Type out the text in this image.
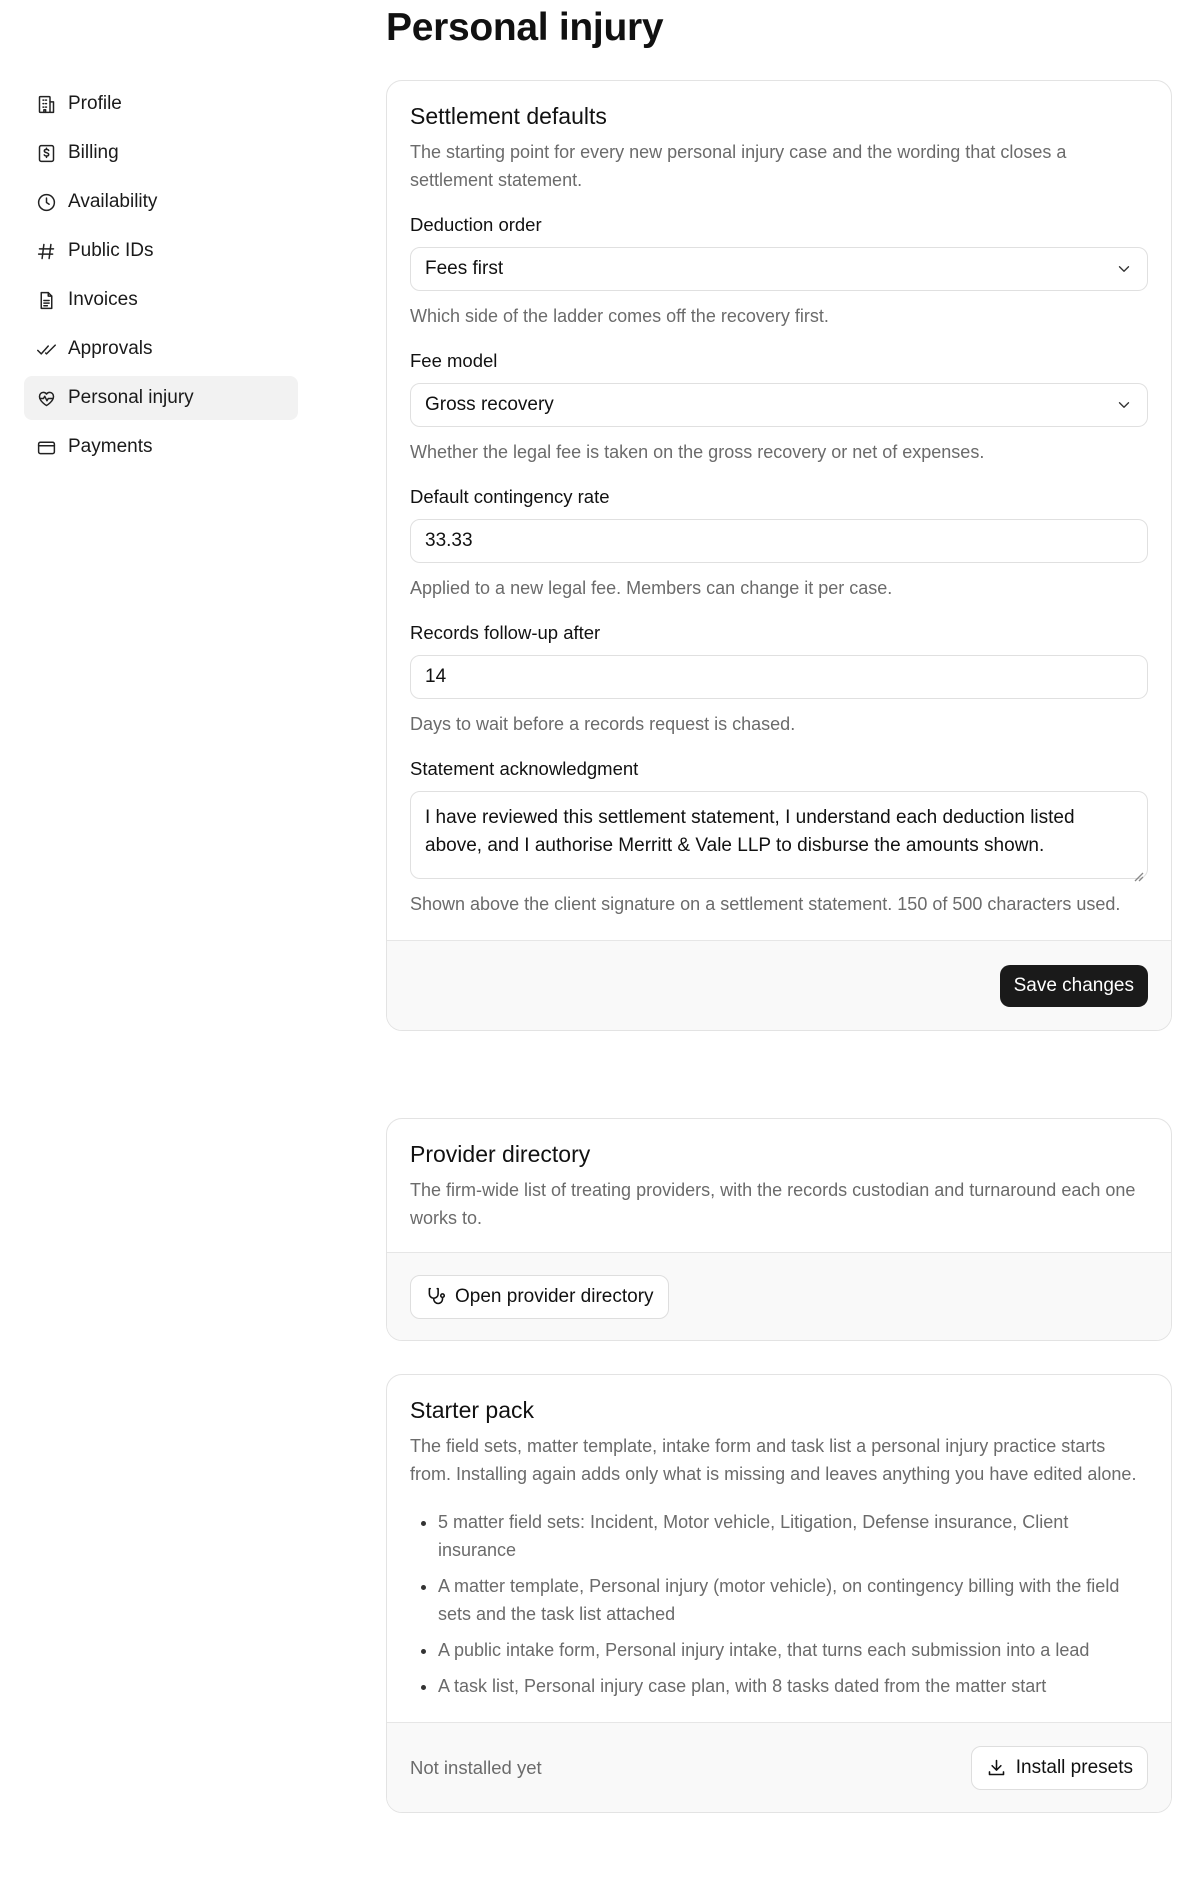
Profile
Billing
Availability
Public IDs
Invoices
Approvals
Personal injury
Payments
Personal injury
Settlement defaults

The starting point for every new personal injury case and the wording that closes a settlement statement.

Deduction order
Fees first
Which side of the ladder comes off the recovery first.
Fee model
Gross recovery
Whether the legal fee is taken on the gross recovery or net of expenses.
Default contingency rate
33.33
Applied to a new legal fee. Members can change it per case.
Records follow-up after
14
Days to wait before a records request is chased.
Statement acknowledgment
I have reviewed this settlement statement, I understand each deduction listed above, and I authorise Merritt & Vale LLP to disburse the amounts shown.
Shown above the client signature on a settlement statement. 150 of 500 characters used.
Save changes
Provider directory

The firm-wide list of treating providers, with the records custodian and turnaround each one works to.

Open provider directory
Starter pack

The field sets, matter template, intake form and task list a personal injury practice starts from. Installing again adds only what is missing and leaves anything you have edited alone.

• 5 matter field sets: Incident, Motor vehicle, Litigation, Defense insurance, Client insurance
• A matter template, Personal injury (motor vehicle), on contingency billing with the field sets and the task list attached
• A public intake form, Personal injury intake, that turns each submission into a lead
• A task list, Personal injury case plan, with 8 tasks dated from the matter start
Not installed yet	Install presets
